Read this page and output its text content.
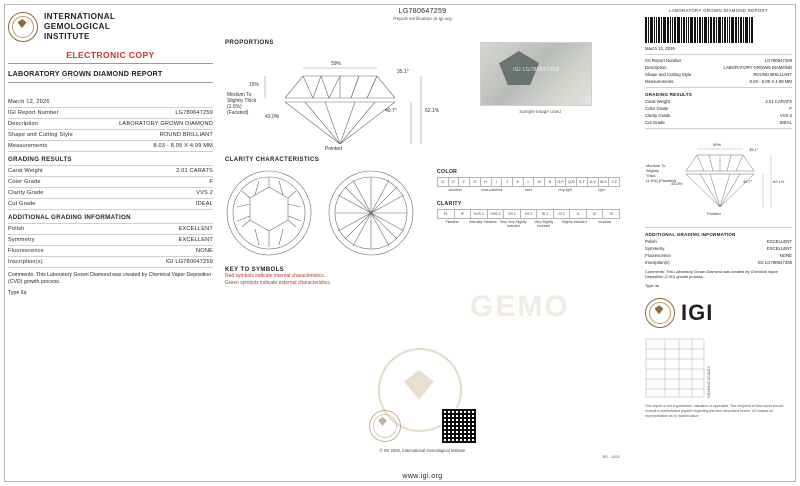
GEMO
INTERNATIONAL
GEMOLOGICAL
INSTITUTE
ELECTRONIC COPY
LABORATORY GROWN DIAMOND REPORT
March 12, 2026
IGI Report Number	LG780647259
Description	LABORATORY GROWN DIAMOND
Shape and Cutting Style	ROUND BRILLIANT
Measurements	8.03 - 8.05 X 4.99 MM
GRADING RESULTS
Carat Weight	2.01 CARATS
Color Grade	F
Clarity Grade	VVS 2
Cut Grade	IDEAL
ADDITIONAL GRADING INFORMATION
Polish	EXCELLENT
Symmetry	EXCELLENT
Fluorescence	NONE
Inscription(s)	IGI LG780647259
Comments: This Laboratory Grown Diamond was created by Chemical Vapor Deposition (CVD) growth process.
Type IIa
LG780647259
Report verification at igi.org
PROPORTIONS
59%
35.1°
15%
40.7°
43.0%
62.1%
Pointed
Medium To
Slightly Thick
(1.5%)
(Faceted)
IGI LG780647259
Sample Image Used
CLARITY CHARACTERISTICS
COLOR
D	E	F	G	H	I	J	K	L	M	N	O-P	Q-R	S-T	U-V	W-X	Y-Z
colorless	near colorless	faint	very light	light
CLARITY
FL	IF	VVS 1	VVS 2	VS 1	VS 2	SI 1	SI 2	I1	I2	I3
Flawless	Internally Flawless Very Very Slightly Included
Very Slightly Included
Slightly Included	Included
KEY TO SYMBOLS
Red symbols indicate internal characteristics.
Green symbols indicate external characteristics.
© IGI 2026, International Gemological Institute
RD - 10/20
www.igi.org
LABORATORY GROWN DIAMOND REPORT
March 12, 2026
IGI Report Number	LG780647259
Description	LABORATORY GROWN DIAMOND
Shape and Cutting Style	ROUND BRILLIANT
Measurements	8.03 - 8.05 X 4.99 MM
GRADING RESULTS
Carat Weight	2.01 CARATS
Color Grade	F
Clarity Grade	VVS 2
Cut Grade	IDEAL
59%
35.1°
40.7°
43.0%	62.1%
Pointed
Medium To
Slightly
Thick
(1.5%) (Faceted)
ADDITIONAL GRADING INFORMATION
Polish	EXCELLENT
Symmetry	EXCELLENT
Fluorescence	NONE
Inscription(s)	IGI LG780647259
Comments: This Laboratory Grown Diamond was created by Chemical Vapor Deposition (CVD) growth process.
Type IIa
IGI
GRADING SCALES
This report is not a guarantee, valuation or appraisal. The recipient of this report should consult a credentialed jeweler regarding the item described herein. IGI makes no representation as to market value.
